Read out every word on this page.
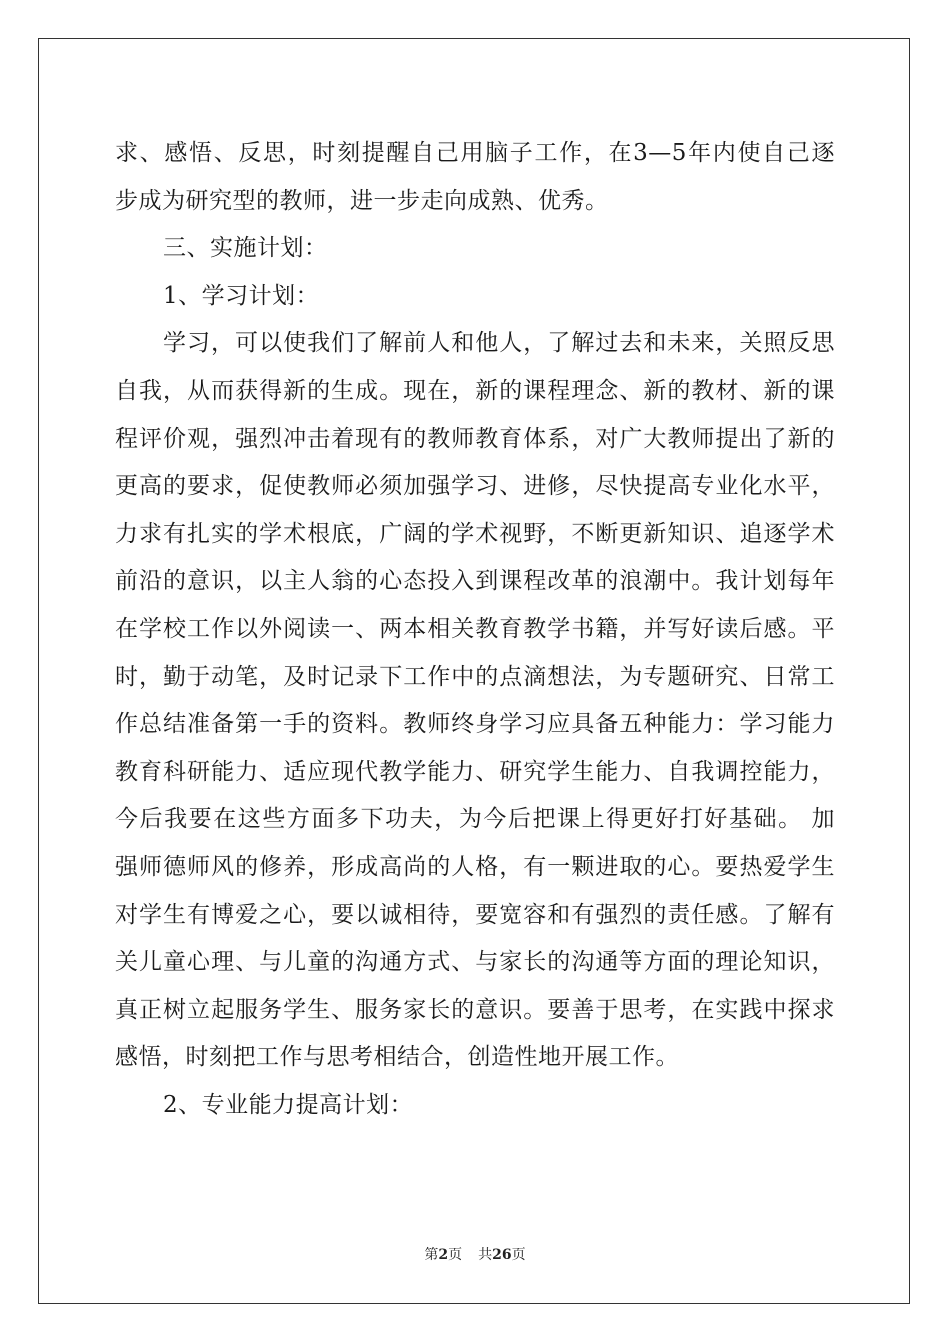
求、感悟、反思，时刻提醒自己用脑子工作，在3—5年内使自己逐
步成为研究型的教师，进一步走向成熟、优秀。
三、实施计划：
1、学习计划：
学习，可以使我们了解前人和他人，了解过去和未来，关照反思
自我，从而获得新的生成。现在，新的课程理念、新的教材、新的课
程评价观，强烈冲击着现有的教师教育体系，对广大教师提出了新的
更高的要求，促使教师必须加强学习、进修，尽快提高专业化水平，
力求有扎实的学术根底，广阔的学术视野，不断更新知识、追逐学术
前沿的意识，以主人翁的心态投入到课程改革的浪潮中。我计划每年
在学校工作以外阅读一、两本相关教育教学书籍，并写好读后感。平
时，勤于动笔，及时记录下工作中的点滴想法，为专题研究、日常工
作总结准备第一手的资料。教师终身学习应具备五种能力：学习能力
教育科研能力、适应现代教学能力、研究学生能力、自我调控能力，
今后我要在这些方面多下功夫，为今后把课上得更好打好基础。 加
强师德师风的修养，形成高尚的人格，有一颗进取的心。要热爱学生
对学生有博爱之心，要以诚相待，要宽容和有强烈的责任感。了解有
关儿童心理、与儿童的沟通方式、与家长的沟通等方面的理论知识，
真正树立起服务学生、服务家长的意识。要善于思考，在实践中探求
感悟，时刻把工作与思考相结合，创造性地开展工作。
2、专业能力提高计划：
第2页 共26页
